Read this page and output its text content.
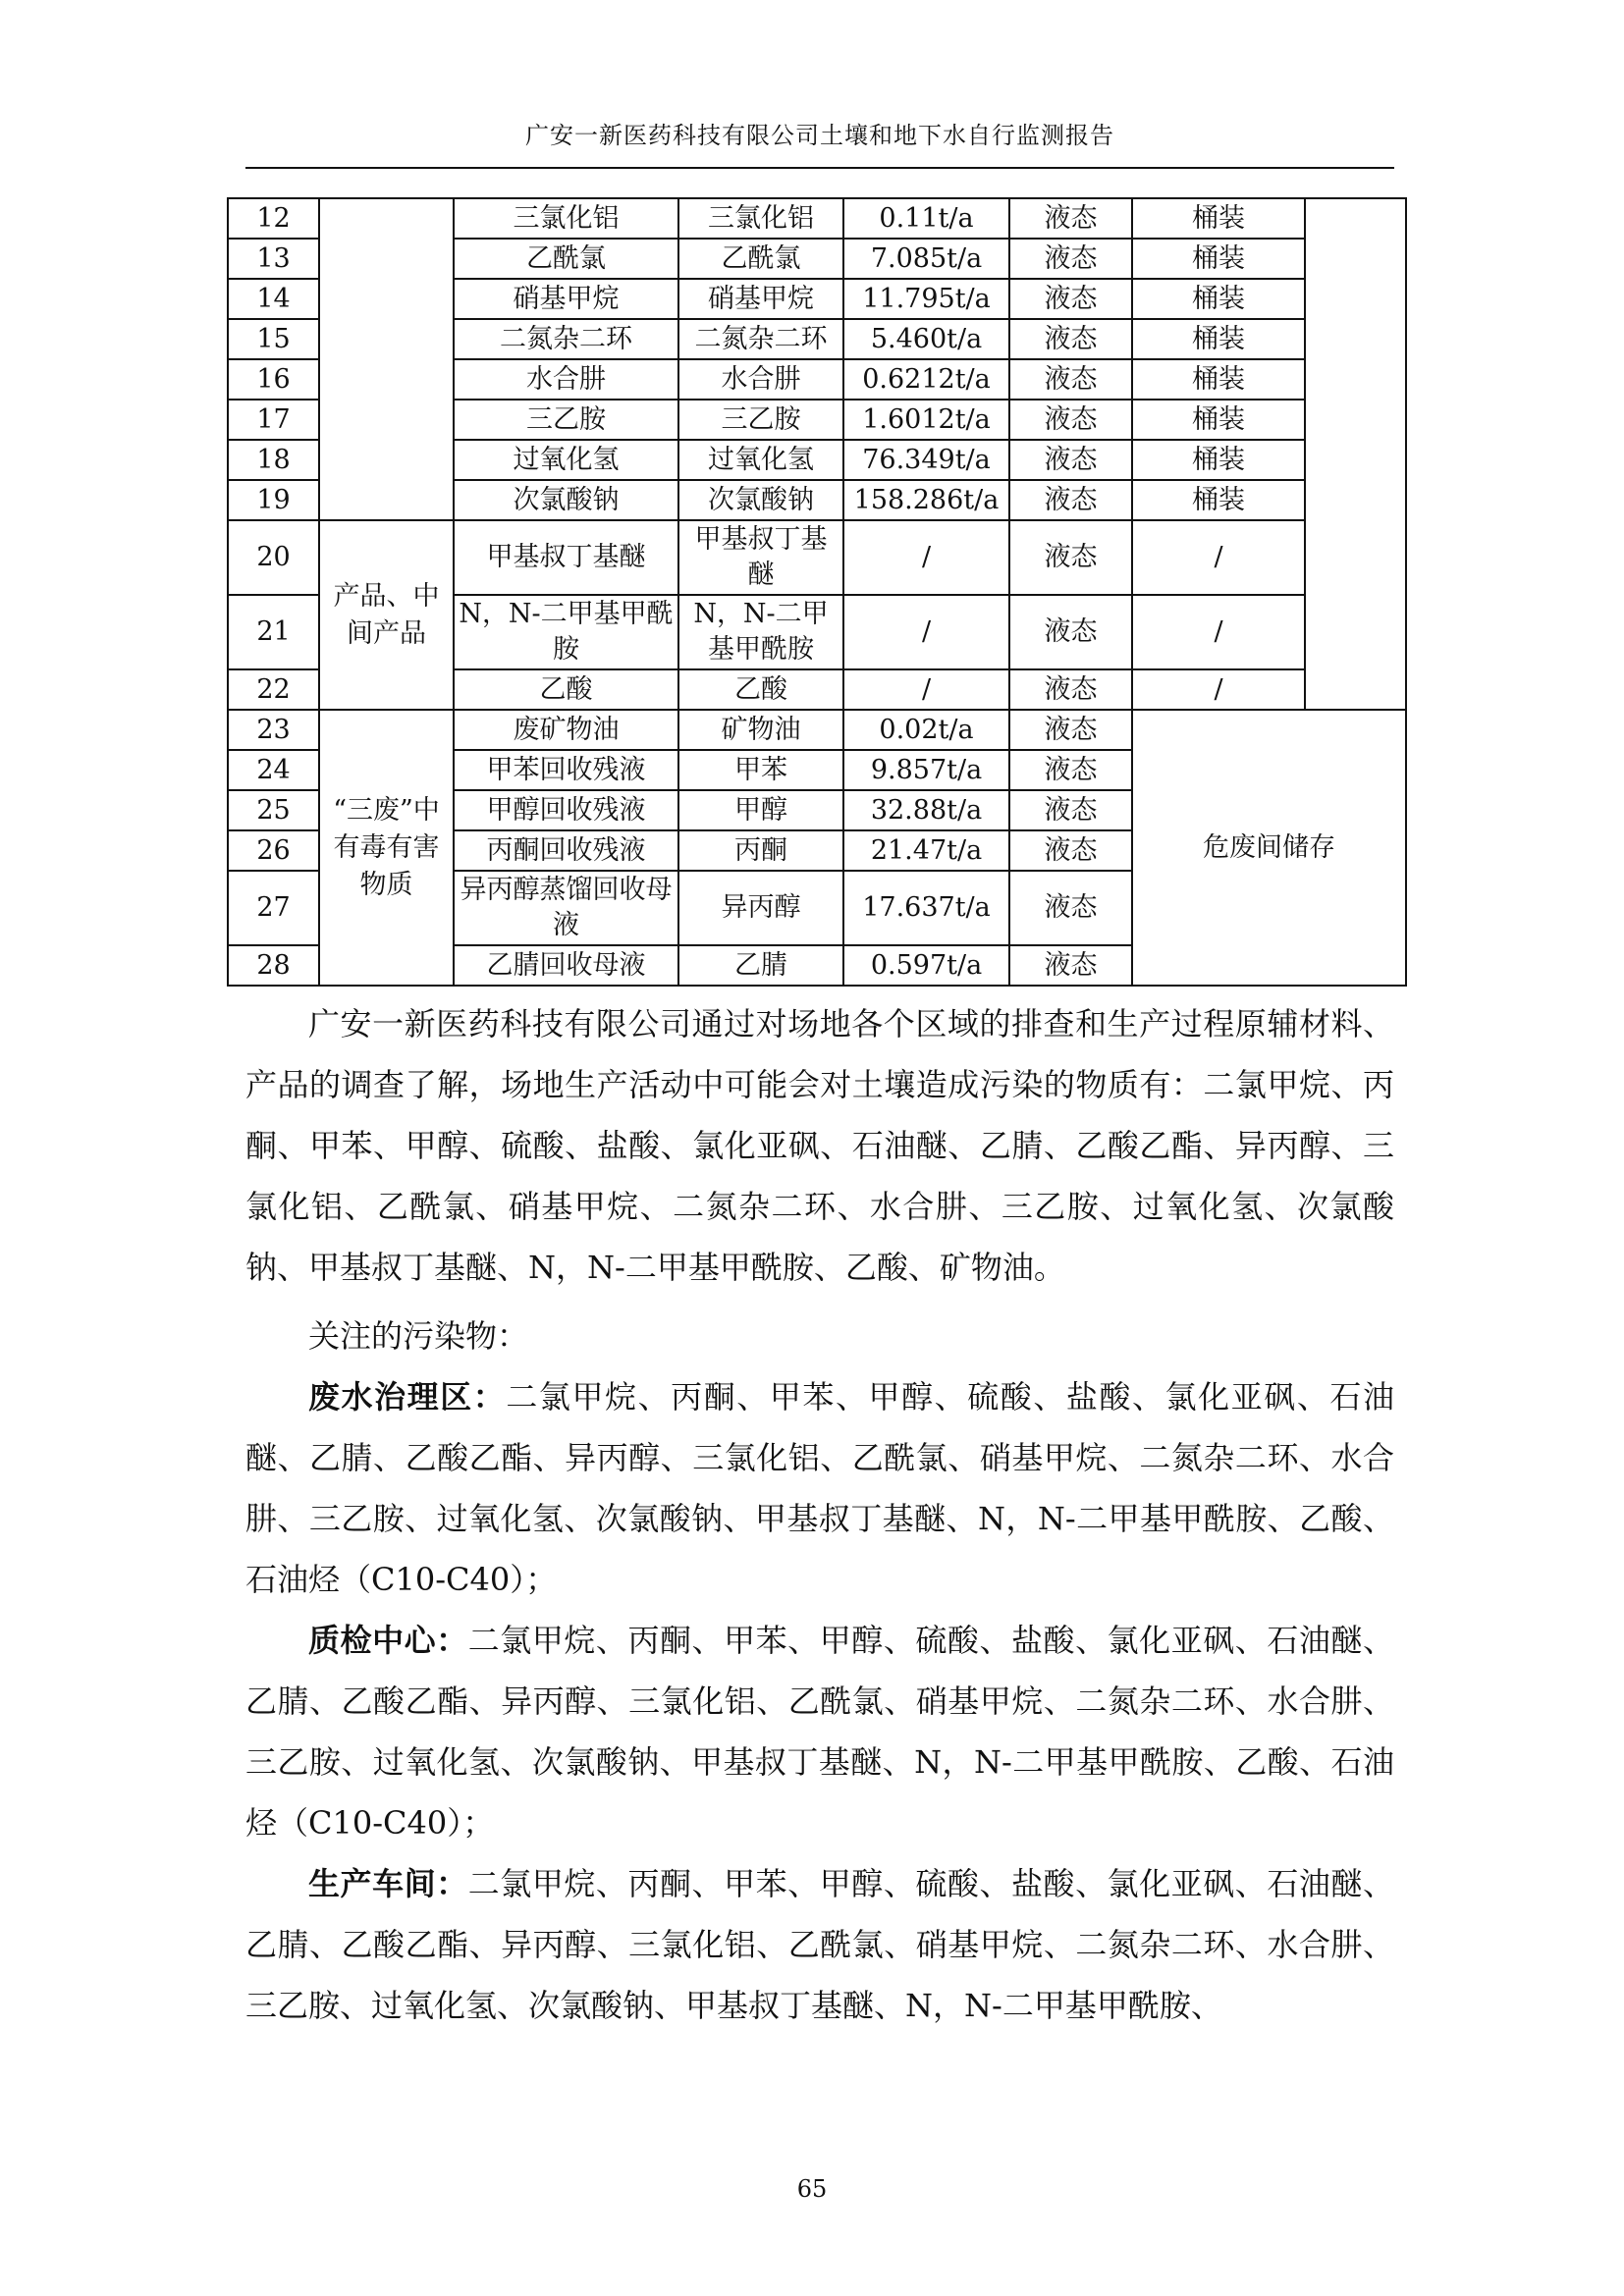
广安一新医药科技有限公司土壤和地下水自行监测报告
12		三氯化铝	三氯化铝	0.11t/a	液态	桶装	
13		乙酰氯	乙酰氯	7.085t/a	液态	桶装	
14		硝基甲烷	硝基甲烷	11.795t/a	液态	桶装	
15		二氮杂二环	二氮杂二环	5.460t/a	液态	桶装	
16		水合肼	水合肼	0.6212t/a	液态	桶装	
17		三乙胺	三乙胺	1.6012t/a	液态	桶装	
18		过氧化氢	过氧化氢	76.349t/a	液态	桶装	
19		次氯酸钠	次氯酸钠	158.286t/a	液态	桶装	
20	产品、中间产品	甲基叔丁基醚	甲基叔丁基醚	/	液态	/	
21		N，N-二甲基甲酰胺	N，N-二甲基甲酰胺	/	液态	/	
22		乙酸	乙酸	/	液态	/	
23	“三废”中有毒有害物质	废矿物油	矿物油	0.02t/a	液态	危废间储存	
24		甲苯回收残液	甲苯	9.857t/a	液态		
25		甲醇回收残液	甲醇	32.88t/a	液态		
26		丙酮回收残液	丙酮	21.47t/a	液态		
27		异丙醇蒸馏回收母液	异丙醇	17.637t/a	液态		
28		乙腈回收母液	乙腈	0.597t/a	液态		

广安一新医药科技有限公司通过对场地各个区域的排查和生产过程原辅材料、产品的调查了解，场地生产活动中可能会对土壤造成污染的物质有：二氯甲烷、丙酮、甲苯、甲醇、硫酸、盐酸、氯化亚砜、石油醚、乙腈、乙酸乙酯、异丙醇、三氯化铝、乙酰氯、硝基甲烷、二氮杂二环、水合肼、三乙胺、过氧化氢、次氯酸钠、甲基叔丁基醚、N，N-二甲基甲酰胺、乙酸、矿物油。

关注的污染物：

废水治理区：二氯甲烷、丙酮、甲苯、甲醇、硫酸、盐酸、氯化亚砜、石油醚、乙腈、乙酸乙酯、异丙醇、三氯化铝、乙酰氯、硝基甲烷、二氮杂二环、水合肼、三乙胺、过氧化氢、次氯酸钠、甲基叔丁基醚、N，N-二甲基甲酰胺、乙酸、石油烃（C10-C40）；

质检中心：二氯甲烷、丙酮、甲苯、甲醇、硫酸、盐酸、氯化亚砜、石油醚、乙腈、乙酸乙酯、异丙醇、三氯化铝、乙酰氯、硝基甲烷、二氮杂二环、水合肼、三乙胺、过氧化氢、次氯酸钠、甲基叔丁基醚、N，N-二甲基甲酰胺、乙酸、石油烃（C10-C40）；

生产车间：二氯甲烷、丙酮、甲苯、甲醇、硫酸、盐酸、氯化亚砜、石油醚、乙腈、乙酸乙酯、异丙醇、三氯化铝、乙酰氯、硝基甲烷、二氮杂二环、水合肼、三乙胺、过氧化氢、次氯酸钠、甲基叔丁基醚、N，N-二甲基甲酰胺、

65
